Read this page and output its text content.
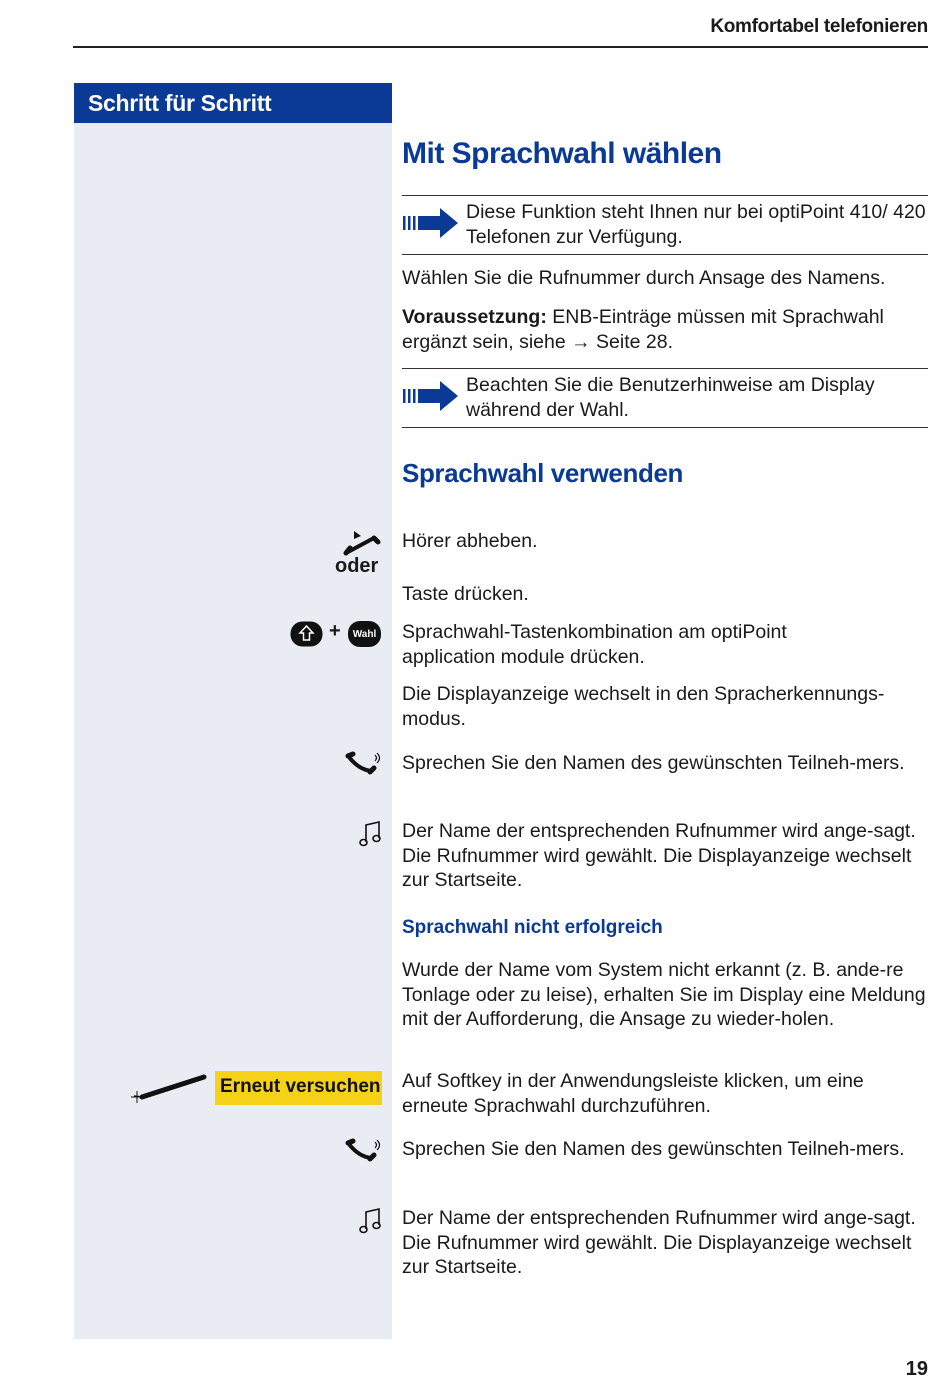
Komfortabel telefonieren
Schritt für Schritt
oder
+	Wahl
Erneut versuchen
Mit Sprachwahl wählen
Diese Funktion steht Ihnen nur bei optiPoint 410/ 420 Telefonen zur Verfügung.

Wählen Sie die Rufnummer durch Ansage des Namens.

Voraussetzung: ENB-Einträge müssen mit Sprachwahl ergänzt sein, siehe → Seite 28.

Beachten Sie die Benutzerhinweise am Display während der Wahl.
Sprachwahl verwenden

Hörer abheben.

Taste drücken.

Sprachwahl-Tastenkombination am optiPoint application module drücken.

Die Displayanzeige wechselt in den Spracherkennungs-modus.

Sprechen Sie den Namen des gewünschten Teilneh-mers.

Der Name der entsprechenden Rufnummer wird ange-sagt. Die Rufnummer wird gewählt. Die Displayanzeige wechselt zur Startseite.

Sprachwahl nicht erfolgreich

Wurde der Name vom System nicht erkannt (z. B. ande-re Tonlage oder zu leise), erhalten Sie im Display eine Meldung mit der Aufforderung, die Ansage zu wieder-holen.

Auf Softkey in der Anwendungsleiste klicken, um eine erneute Sprachwahl durchzuführen.

Sprechen Sie den Namen des gewünschten Teilneh-mers.

Der Name der entsprechenden Rufnummer wird ange-sagt. Die Rufnummer wird gewählt. Die Displayanzeige wechselt zur Startseite.

19
